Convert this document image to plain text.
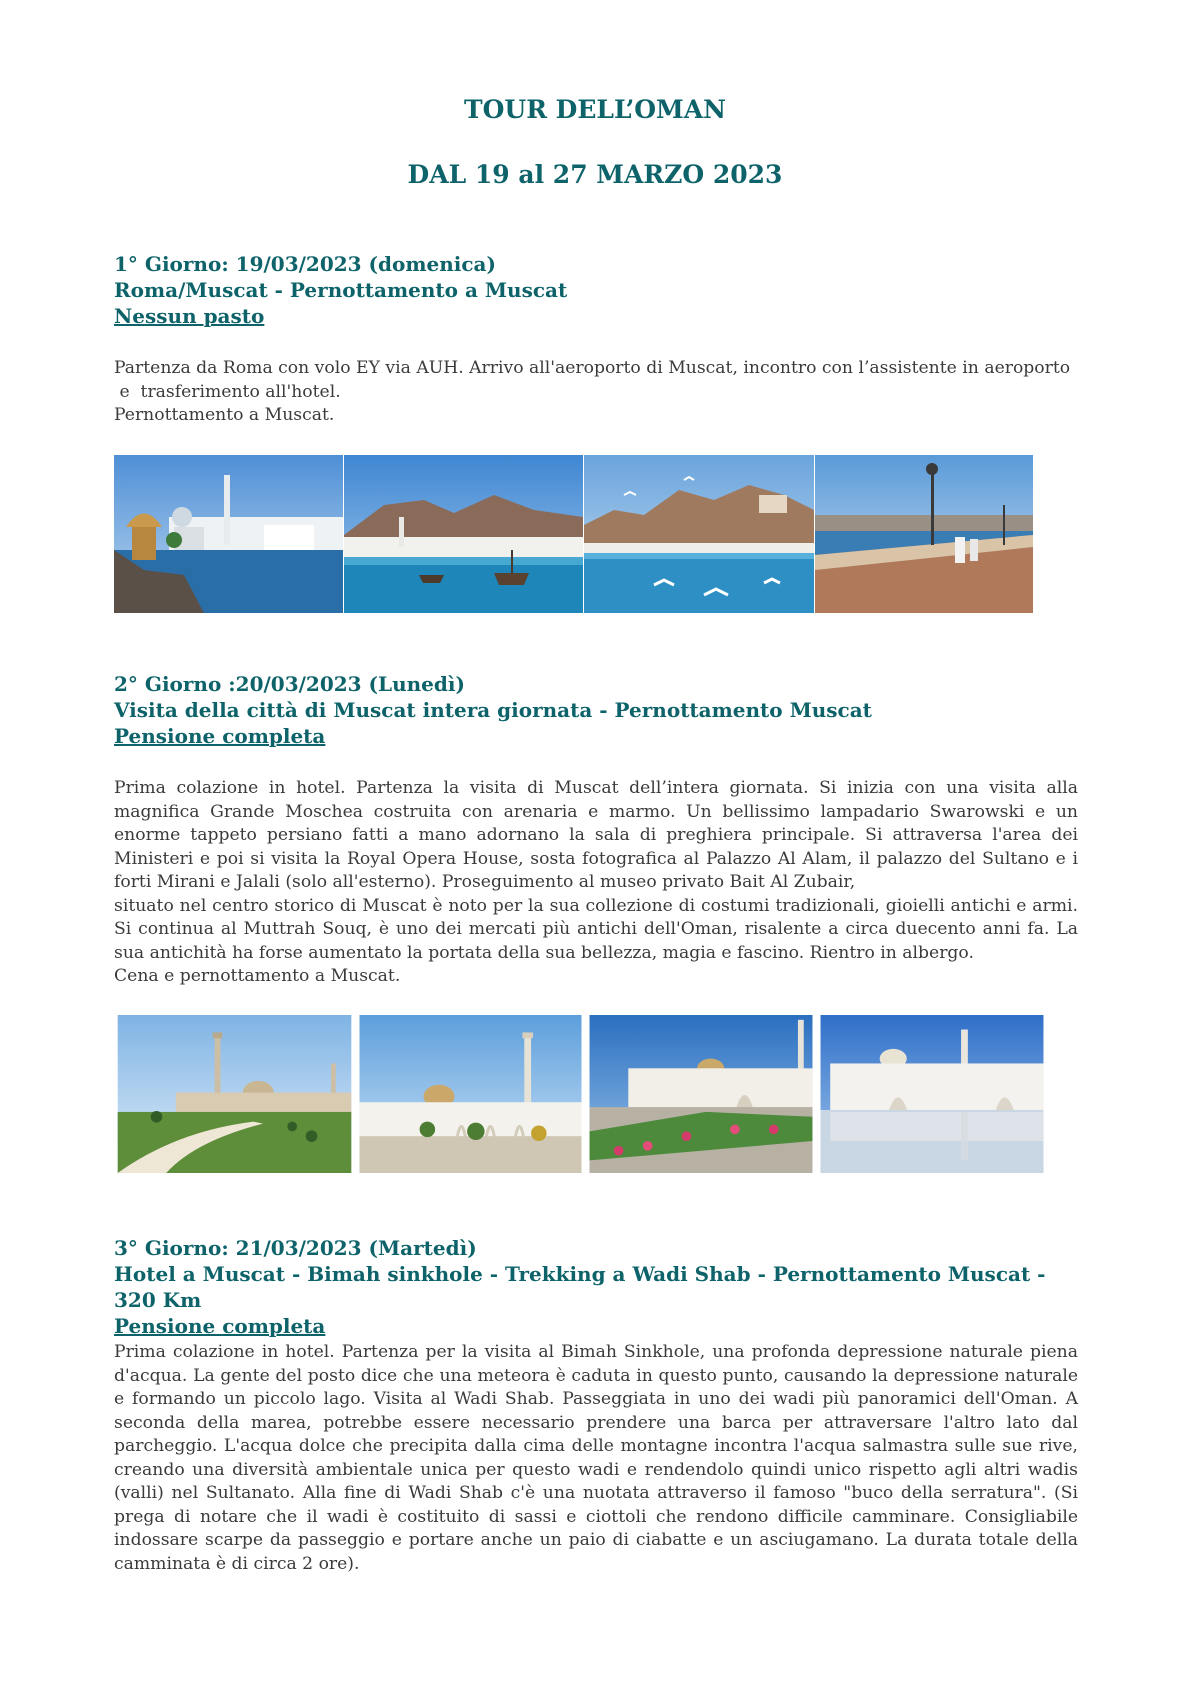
TOUR DELL’OMAN
DAL 19 al 27 MARZO 2023
1° Giorno: 19/03/2023 (domenica)
Roma/Muscat - Pernottamento a Muscat
Nessun pasto

Partenza da Roma con volo EY via AUH. Arrivo all'aeroporto di Muscat, incontro con l’assistente in aeroporto

e  trasferimento all'hotel.

Pernottamento a Muscat.

2° Giorno :20/03/2023 (Lunedì)
Visita della città di Muscat intera giornata - Pernottamento Muscat
Pensione completa

Prima colazione in hotel. Partenza la visita di Muscat dell’intera giornata. Si inizia con una visita alla magnifica Grande Moschea costruita con arenaria e marmo. Un bellissimo lampadario Swarowski e un enorme tappeto persiano fatti a mano adornano la sala di preghiera principale. Si attraversa l'area dei Ministeri e poi si visita la Royal Opera House, sosta fotografica al Palazzo Al Alam, il palazzo del Sultano e i forti Mirani e Jalali (solo all'esterno). Proseguimento al museo privato Bait Al Zubair,

situato nel centro storico di Muscat è noto per la sua collezione di costumi tradizionali, gioielli antichi e armi. Si continua al Muttrah Souq, è uno dei mercati più antichi dell'Oman, risalente a circa duecento anni fa. La sua antichità ha forse aumentato la portata della sua bellezza, magia e fascino. Rientro in albergo.

Cena e pernottamento a Muscat.

3° Giorno: 21/03/2023 (Martedì)
Hotel a Muscat - Bimah sinkhole - Trekking a Wadi Shab - Pernottamento Muscat - 320 Km
Pensione completa

Prima colazione in hotel. Partenza per la visita al Bimah Sinkhole, una profonda depressione naturale piena d'acqua. La gente del posto dice che una meteora è caduta in questo punto, causando la depressione naturale e formando un piccolo lago. Visita al Wadi Shab. Passeggiata in uno dei wadi più panoramici dell'Oman. A seconda della marea, potrebbe essere necessario prendere una barca per attraversare l'altro lato dal parcheggio. L'acqua dolce che precipita dalla cima delle montagne incontra l'acqua salmastra sulle sue rive, creando una diversità ambientale unica per questo wadi e rendendolo quindi unico rispetto agli altri wadis (valli) nel Sultanato. Alla fine di Wadi Shab c'è una nuotata attraverso il famoso "buco della serratura". (Si prega di notare che il wadi è costituito di sassi e ciottoli che rendono difficile camminare. Consigliabile indossare scarpe da passeggio e portare anche un paio di ciabatte e un asciugamano. La durata totale della camminata è di circa 2 ore).
